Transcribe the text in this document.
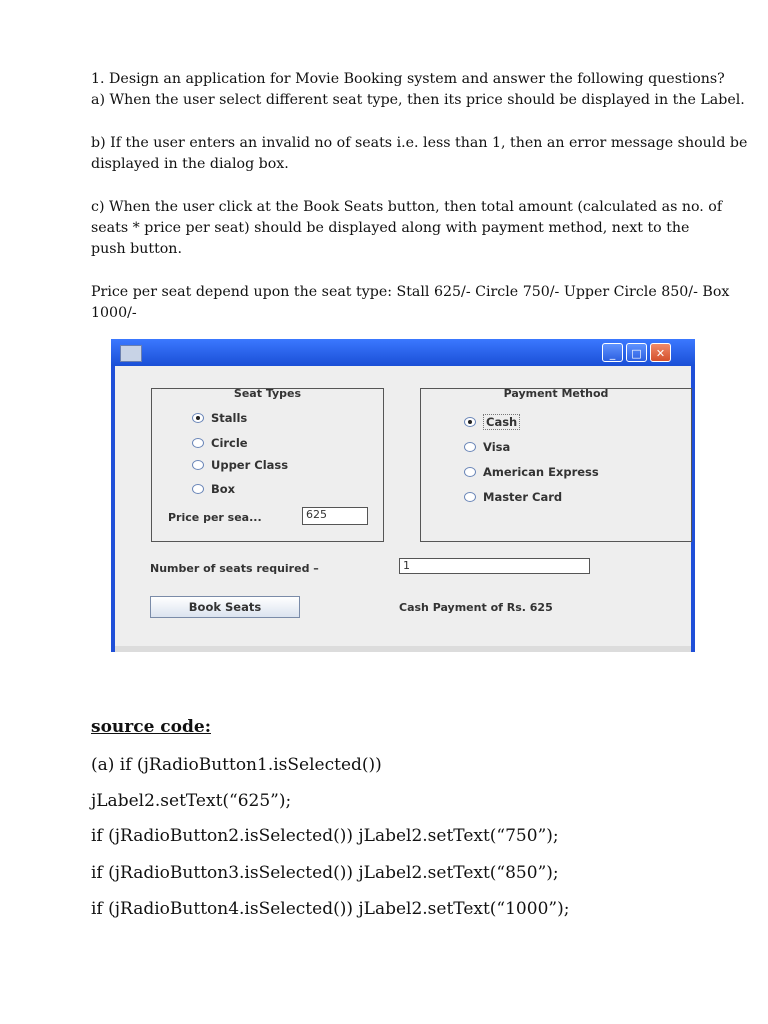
1. Design an application for Movie Booking system and answer the following questions?
a) When the user select different seat type, then its price should be displayed in the Label.
b) If the user enters an invalid no of seats i.e. less than 1, then an error message should be
displayed in the dialog box.
c) When the user click at the Book Seats button, then total amount (calculated as no. of
seats * price per seat) should be displayed along with payment method, next to the
push button.
Price per seat depend upon the seat type: Stall 625/- Circle 750/- Upper Circle 850/- Box
1000/-
_	□	✕
Seat Types
Stalls
Circle
Upper Class
Box
Price per sea...	625
Payment Method
Cash
Visa
American Express
Master Card
Number of seats required –	1
Book Seats	Cash Payment of Rs. 625
source code:
(a) if (jRadioButton1.isSelected())
jLabel2.setText(“625”);
if (jRadioButton2.isSelected()) jLabel2.setText(“750”);
if (jRadioButton3.isSelected()) jLabel2.setText(“850”);
if (jRadioButton4.isSelected()) jLabel2.setText(“1000”);
